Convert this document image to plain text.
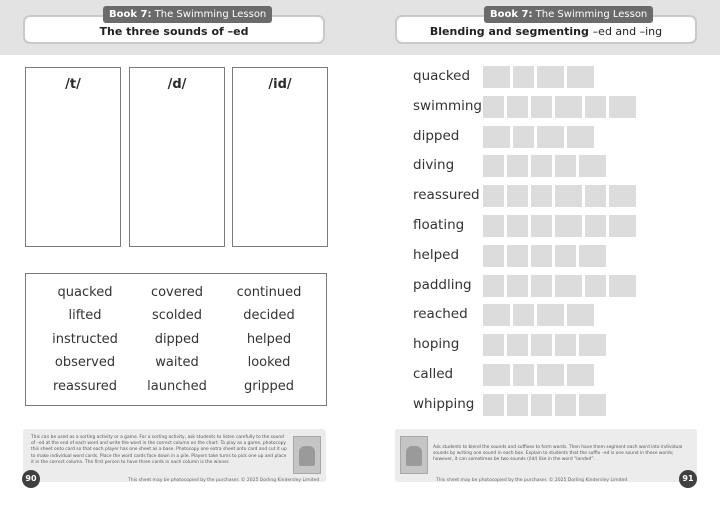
The three sounds of –ed
Book 7: The Swimming Lesson
/t/	/d/	/id/
quacked	covered	continued
lifted	scolded	decided
instructed	dipped	helped
observed	waited	looked
reassured	launched	gripped
This can be used as a sorting activity or a game. For a sorting activity, ask students to listen carefully to the sound of –ed at the end of each word and write the word in the correct column on the chart. To play as a game, photocopy this sheet onto card so that each player has one sheet as a base. Photocopy one extra sheet onto card and cut it up to make individual word cards. Place the word cards face down in a pile. Players take turns to pick one up and place it in the correct column. The first person to have three cards in each column is the winner.
90	This sheet may be photocopied by the purchaser. © 2025 Dorling Kindersley Limited
Blending and segmenting –ed and –ing
Book 7: The Swimming Lesson
quacked
swimming
dipped
diving
reassured
floating
helped
paddling
reached
hoping
called
whipping
Ask students to blend the sounds and suffixes to form words. Then have them segment each word into individual sounds by writing one sound in each box. Explain to students that the suffix –ed is one sound in these words; however, it can sometimes be two sounds (/id/) like in the word “landed”.
91
This sheet may be photocopied by the purchaser. © 2025 Dorling Kindersley Limited
